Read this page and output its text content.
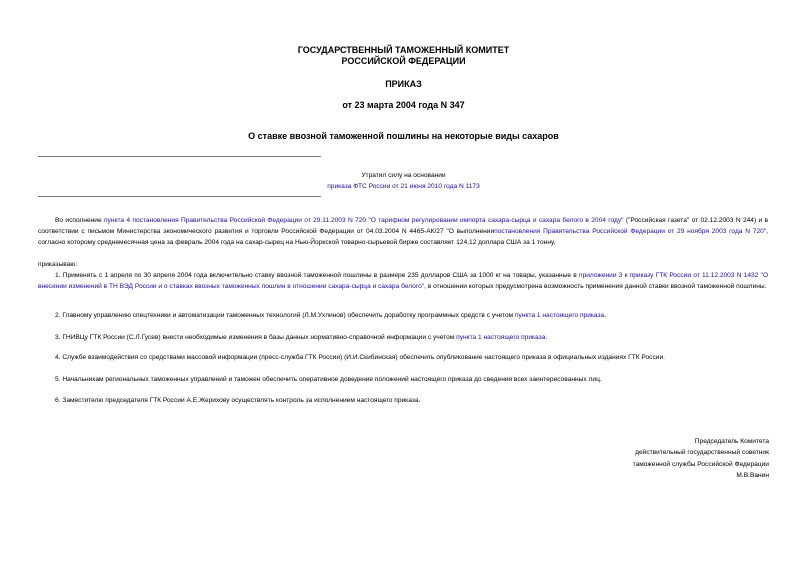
ГОСУДАРСТВЕННЫЙ ТАМОЖЕННЫЙ КОМИТЕТ
РОССИЙСКОЙ ФЕДЕРАЦИИ
ПРИКАЗ
от 23 марта 2004 года N 347
О ставке ввозной таможенной пошлины на некоторые виды сахаров
Утратил силу на основании
приказа ФТС России от 21 июня 2010 года N 1173
Во исполнение пункта 4 постановления Правительства Российской Федерации от 29.11.2003 N 720 "О тарифном регулировании импорта сахара-сырца и сахара белого в 2004 году" ("Российская газета" от 02.12.2003 N 244) и в соответствии с письмом Министерства экономического развития и торговли Российской Федерации от 04.03.2004 N 4465-АК/27 "О выполнениипостановления Правительства Российской Федерации от 29 ноября 2003 года N 720", согласно которому среднемесячная цена за февраль 2004 года на сахар-сырец на Нью-Йоркской товарно-сырьевой бирже составляет 124,12 доллара США за 1 тонну,
приказываю:
1. Применять с 1 апреля по 30 апреля 2004 года включительно ставку ввозной таможенной пошлины в размере 235 долларов США за 1000 кг на товары, указанные в приложении 3 к приказу ГТК России от 11.12.2003 N 1432 "О внесении изменений в ТН ВЭД России и о ставках ввозных таможенных пошлин в отношении сахара-сырца и сахара белого", в отношении которых предусмотрена возможность применения данной ставки ввозной таможенной пошлины.
2. Главному управлению спецтехники и автоматизации таможенных технологий (Л.М.Ухлинов) обеспечить доработку программных средств с учетом пункта 1 настоящего приказа.
3. ГНИВЦу ГТК России (С.Л.Гусев) внести необходимые изменения в базы данных нормативно-справочной информации с учетом пункта 1 настоящего приказа.
4. Службе взаимодействия со средствами массовой информации (пресс-служба ГТК России) (И.И.Скибинская) обеспечить опубликование настоящего приказа в официальных изданиях ГТК России.
5. Начальникам региональных таможенных управлений и таможен обеспечить оперативное доведение положений настоящего приказа до сведения всех заинтересованных лиц.
6. Заместителю председателя ГТК России А.Е.Жерихову осуществлять контроль за исполнением настоящего приказа.
Председатель Комитета
действительный государственный советник
таможенной службы Российской Федерации
М.В.Ванин
